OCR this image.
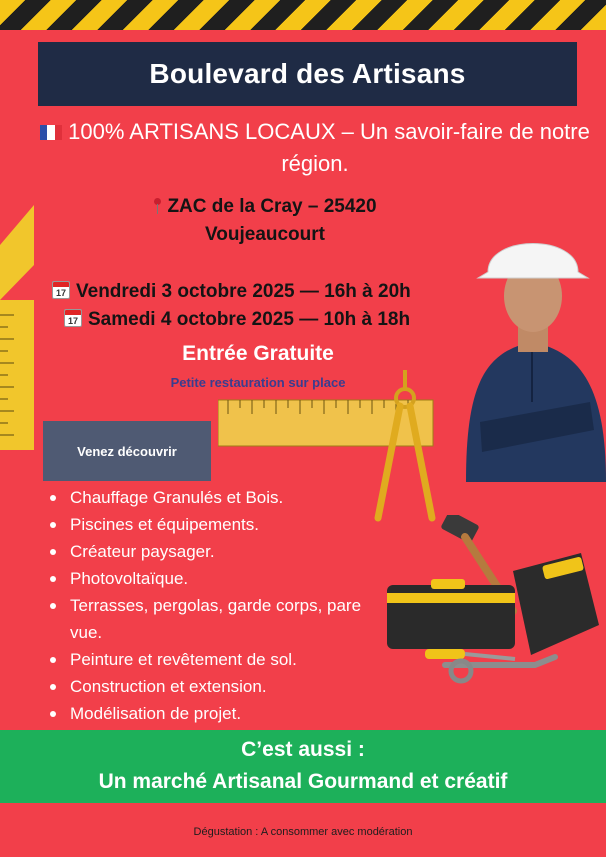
Boulevard des Artisans
100% ARTISANS LOCAUX – Un savoir-faire de notre région.
ZAC de la Cray – 25420
Voujeaucourt
17 Vendredi 3 octobre 2025 — 16h à 20h
17 Samedi 4 octobre 2025 — 10h à 18h
Entrée Gratuite
Petite restauration sur place
Venez découvrir
Chauffage Granulés et Bois.
Piscines et équipements.
Créateur paysager.
Photovoltaïque.
Terrasses, pergolas, garde corps, pare vue.
Peinture et revêtement de sol.
Construction et extension.
Modélisation de projet.
C’est aussi :
Un marché Artisanal Gourmand et créatif
Dégustation : A consommer avec modération
